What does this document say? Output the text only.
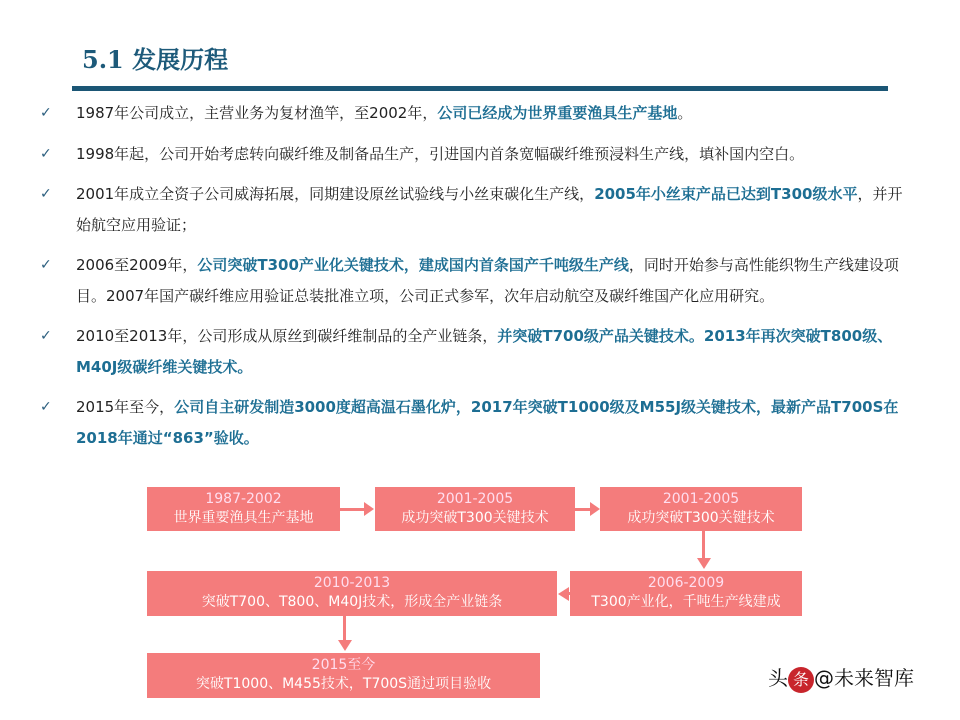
5.1 发展历程
✓ 1987年公司成立，主营业务为复材渔竿，至2002年，公司已经成为世界重要渔具生产基地。
✓ 1998年起，公司开始考虑转向碳纤维及制备品生产，引进国内首条宽幅碳纤维预浸料生产线，填补国内空白。
✓ 2001年成立全资子公司威海拓展，同期建设原丝试验线与小丝束碳化生产线，2005年小丝束产品已达到T300级水平，并开始航空应用验证；
✓ 2006至2009年，公司突破T300产业化关键技术，建成国内首条国产千吨级生产线，同时开始参与高性能织物生产线建设项目。2007年国产碳纤维应用验证总装批准立项，公司正式参军，次年启动航空及碳纤维国产化应用研究。
✓ 2010至2013年，公司形成从原丝到碳纤维制品的全产业链条，并突破T700级产品关键技术。2013年再次突破T800级、M40J级碳纤维关键技术。
✓ 2015年至今，公司自主研发制造3000度超高温石墨化炉，2017年突破T1000级及M55J级关键技术，最新产品T700S在2018年通过“863”验收。
1987-2002
世界重要渔具生产基地
2001-2005
成功突破T300关键技术
2001-2005
成功突破T300关键技术
2006-2009
T300产业化，千吨生产线建成
2010-2013
突破T700、T800、M40J技术，形成全产业链条
2015至今
突破T1000、M455技术，T700S通过项目验收	头 条 @未来智库
